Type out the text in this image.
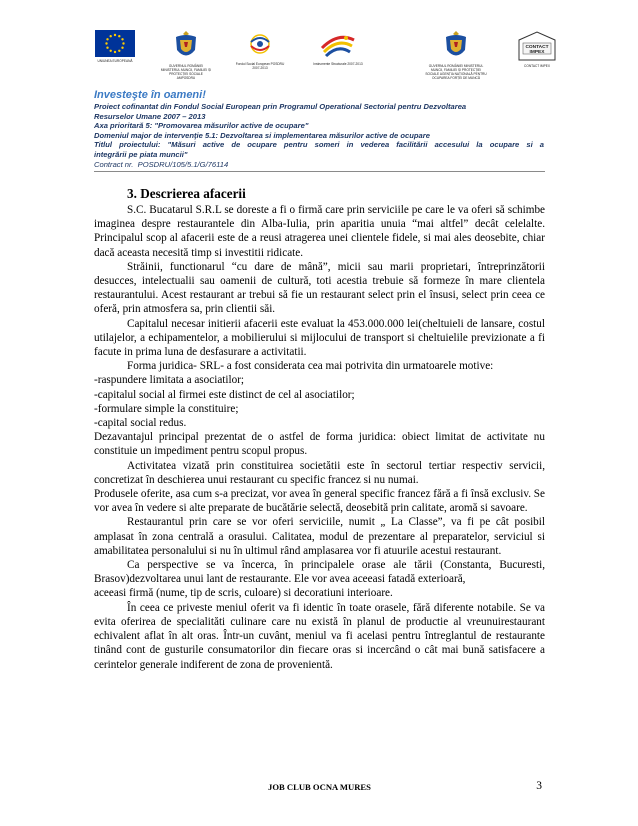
UNIUNEA EUROPEANĂ
GUVERNUL ROMÂNIEI MINISTERUL MUNCII, FAMILIEI ȘI PROTECȚIEI SOCIALE AMPOSDRU
Fondul Social European POSDRU 2007-2013
Instrumente Structurale 2007-2013	GUVERNUL ROMÂNIEI MINISTERUL MUNCII, FAMILIEI ȘI PROTECȚIEI SOCIALE AGENȚIA NAȚIONALĂ PENTRU OCUPAREA FORȚEI DE MUNCĂ
CONTACT
IMPEX
CONTACT IMPEX

Investeşte în oameni!

Proiect cofinantat din Fondul Social European prin Programul Operational Sectorial pentru Dezvoltarea

Resurselor Umane 2007 – 2013

Axa prioritară 5: "Promovarea măsurilor active de ocupare"

Domeniul major de intervenţie 5.1: Dezvoltarea si implementarea măsurilor active de ocupare

Titlul proiectului: "Măsuri active de ocupare pentru someri in vederea facilitării accesului la ocupare si a

integrării pe piata muncii"

Contract nr. POSDRU/105/5.1/G/76114

3. Descrierea afacerii

S.C. Bucatarul S.R.L se doreste a fi o firmă care prin serviciile pe care le va oferi să schimbe imaginea despre restaurantele din Alba-Iulia, prin aparitia unuia “mai altfel” decât celelalte. Principalul scop al afacerii este de a reusi atragerea unei clientele fidele, si mai ales deosebite, chiar dacă aceasta necesită timp si investitii ridicate.

Străinii, functionarul “cu dare de mână”, micii sau marii proprietari, întreprinzătorii desucces, intelectualii sau oamenii de cultură, toti acestia trebuie să formeze în mare clientela restaurantului. Acest restaurant ar trebui să fie un restaurant select prin el însusi, select prin ceea ce oferă, prin atmosfera sa, prin clientii săi.

Capitalul necesar initierii afacerii este evaluat la 453.000.000 lei(cheltuieli de lansare, costul utilajelor, a echipamentelor, a mobilierului si mijlocului de transport si cheltuielile previzionate a fi facute in prima luna de desfasurare a activitatii.

Forma juridica- SRL- a fost considerata cea mai potrivita din urmatoarele motive:

-raspundere limitata a asociatilor;

-capitalul social al firmei este distinct de cel al asociatilor;

-formulare simple la constituire;

-capital social redus.

Dezavantajul principal prezentat de o astfel de forma juridica: obiect limitat de activitate nu constituie un impediment pentru scopul propus.

Activitatea vizată prin constituirea societătii este în sectorul tertiar respectiv servicii, concretizat în deschierea unui restaurant cu specific francez si nu numai.

Produsele oferite, asa cum s-a precizat, vor avea în general specific francez fără a fi însă exclusiv. Se vor avea în vedere si alte preparate de bucătărie selectă, deosebită prin calitate, aromă si savoare.

Restaurantul prin care se vor oferi serviciile, numit „ La Classe”, va fi pe cât posibil amplasat în zona centrală a orasului. Calitatea, modul de prezentare al preparatelor, serviciul si amabilitatea personalului si nu în ultimul rând amplasarea vor fi atuurile acestui restaurant.

Ca perspective se va încerca, în principalele orase ale tării (Constanta, Bucuresti, Brasov)dezvoltarea unui lant de restaurante. Ele vor avea aceeasi fatadă exterioară,

aceeasi firmă (nume, tip de scris, culoare) si decoratiuni interioare.

În ceea ce priveste meniul oferit va fi identic în toate orasele, fără diferente notabile. Se va evita oferirea de specialităti culinare care nu există în planul de productie al vreunuirestaurant echivalent aflat în alt oras. Într-un cuvânt, meniul va fi acelasi pentru întreglantul de restaurante tinând cont de gusturile consumatorilor din fiecare oras si incercând o cât mai bună satisfacere a cerintelor generale indiferent de zona de provenientă.

JOB CLUB OCNA MURES	3
